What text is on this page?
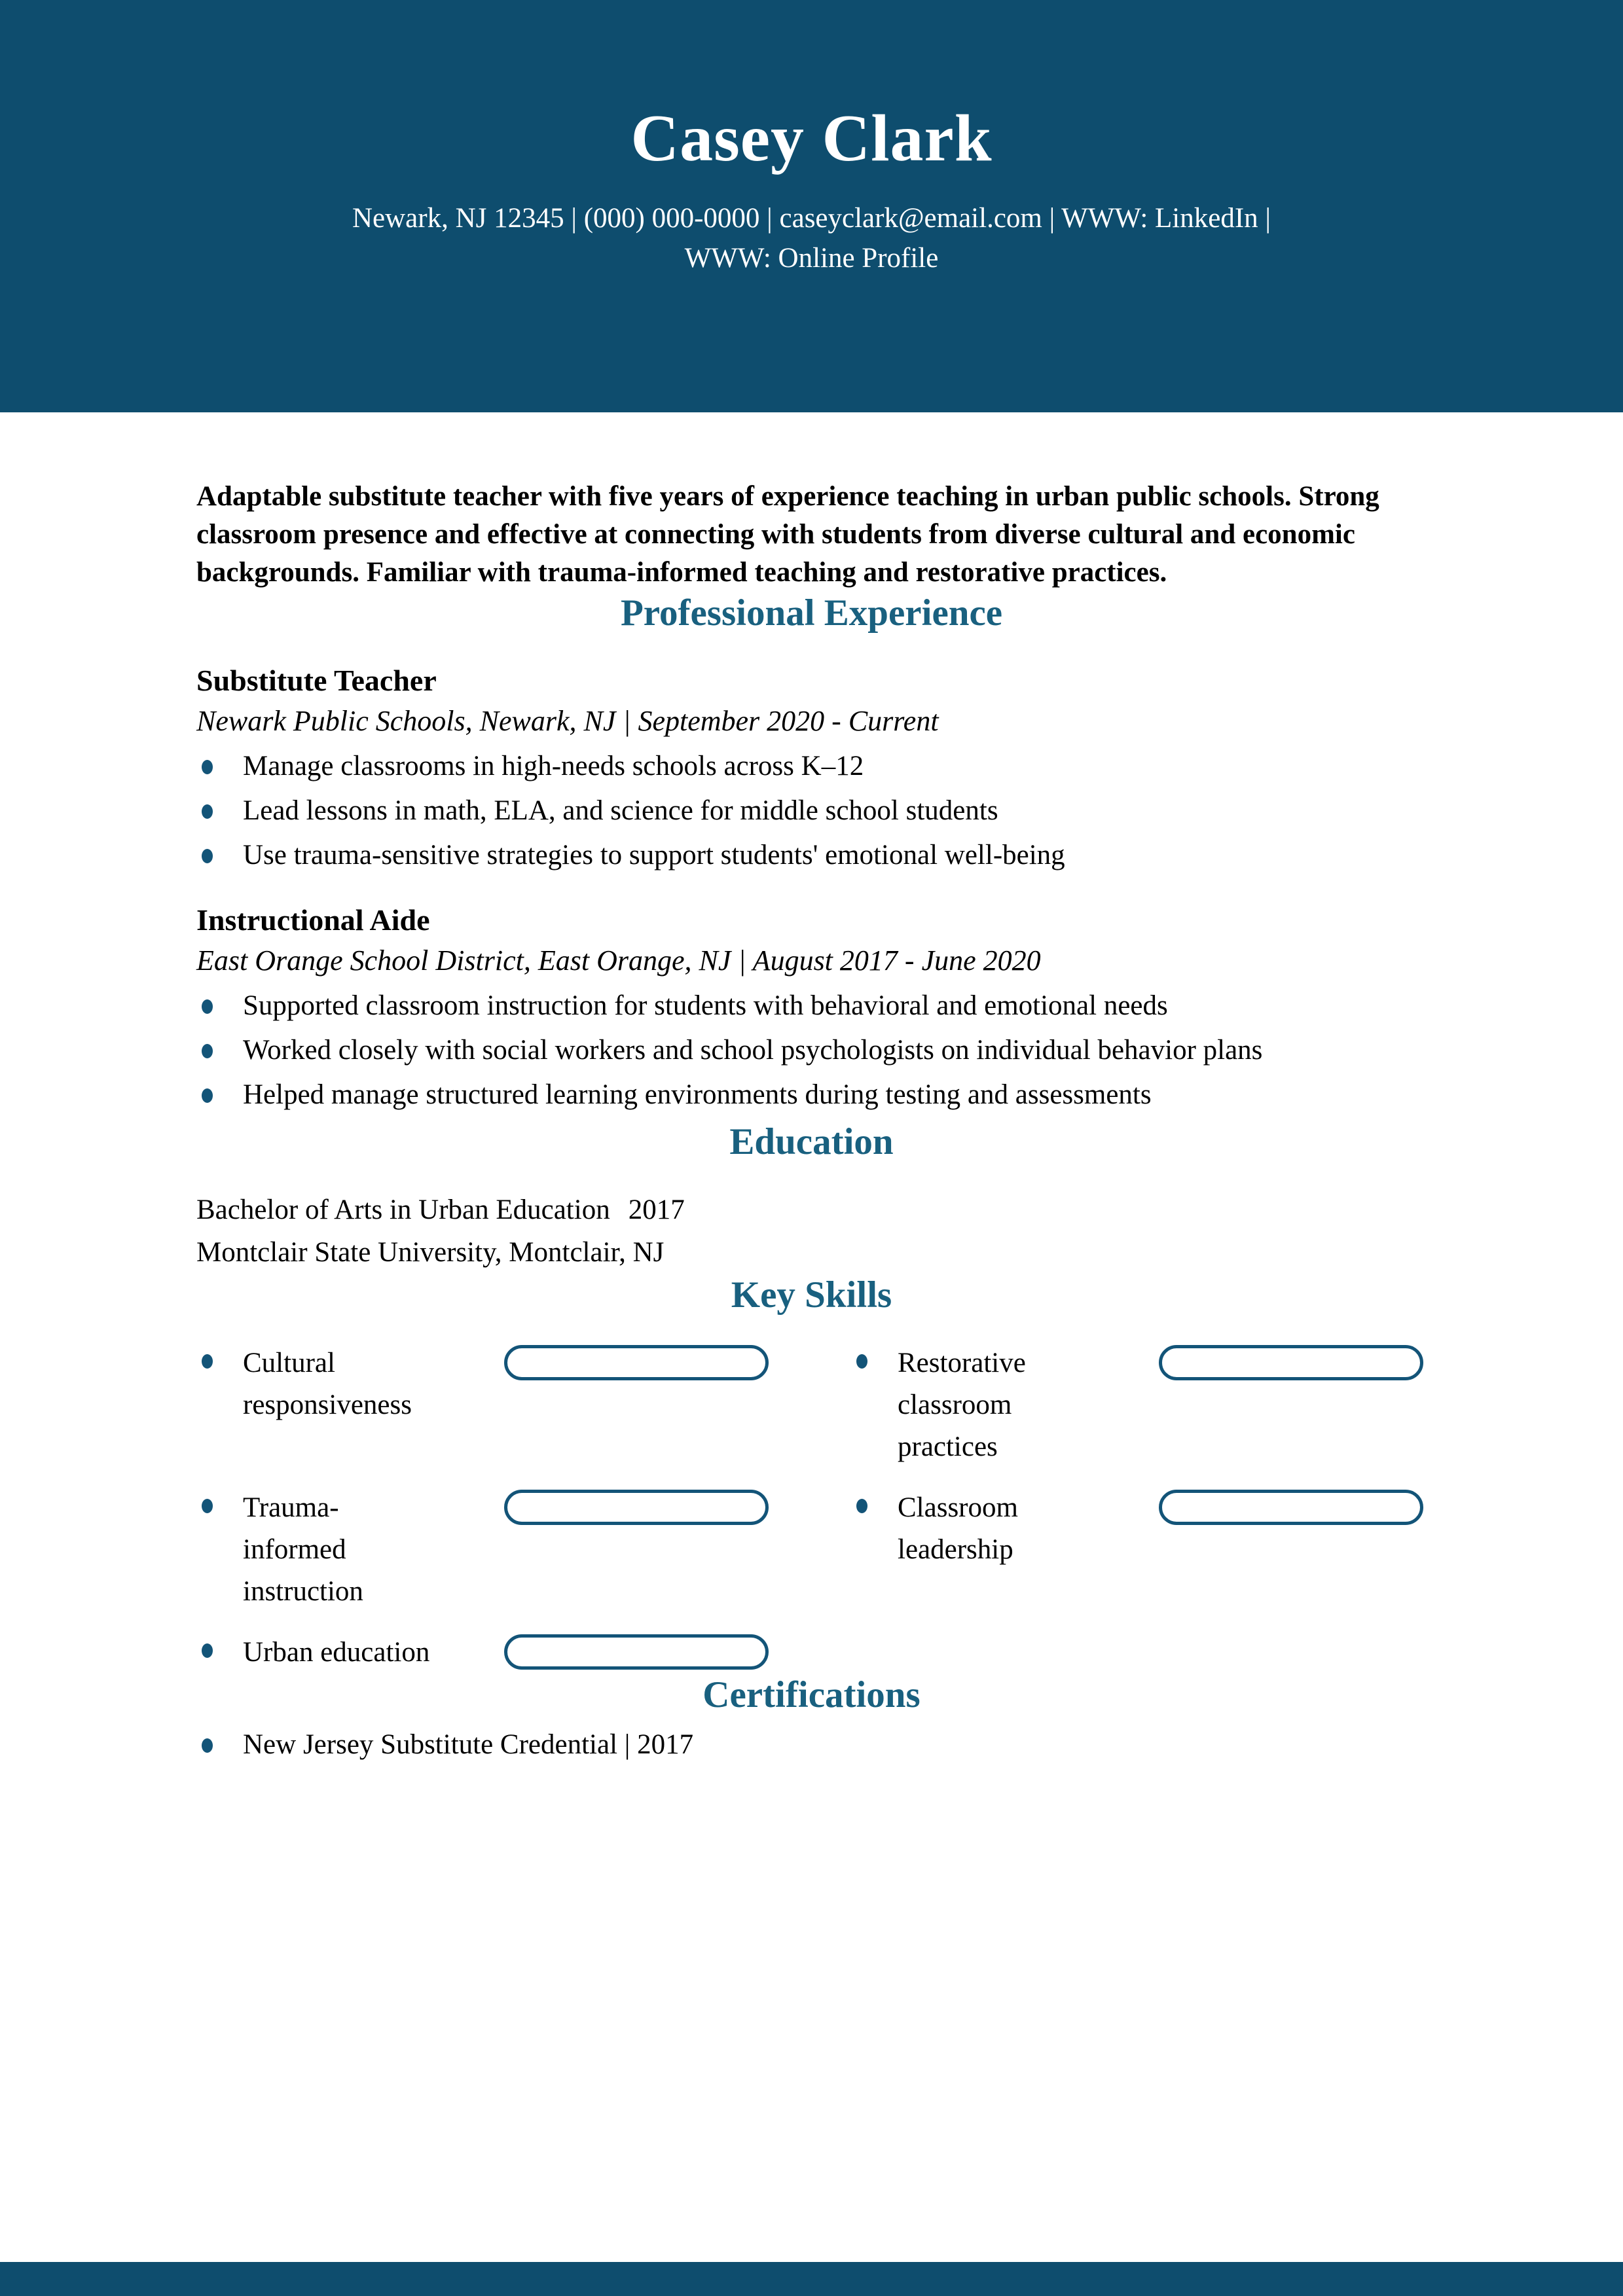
Casey Clark
Newark, NJ 12345 | (000) 000-0000 | caseyclark@email.com | WWW: LinkedIn |
WWW: Online Profile

Adaptable substitute teacher with five years of experience teaching in urban public schools. Strong classroom presence and effective at connecting with students from diverse cultural and economic backgrounds. Familiar with trauma-informed teaching and restorative practices.

Professional Experience
Substitute Teacher

Newark Public Schools, Newark, NJ | September 2020 - Current

Manage classrooms in high-needs schools across K–12
Lead lessons in math, ELA, and science for middle school students
Use trauma-sensitive strategies to support students' emotional well-being
Instructional Aide

East Orange School District, East Orange, NJ | August 2017 - June 2020

Supported classroom instruction for students with behavioral and emotional needs
Worked closely with social workers and school psychologists on individual behavior plans
Helped manage structured learning environments during testing and assessments
Education
Bachelor of Arts in Urban Education 2017
Montclair State University, Montclair, NJ
Key Skills
Cultural responsiveness
Restorative classroom practices
Trauma-informed instruction
Classroom leadership
Urban education
Certifications
New Jersey Substitute Credential | 2017
